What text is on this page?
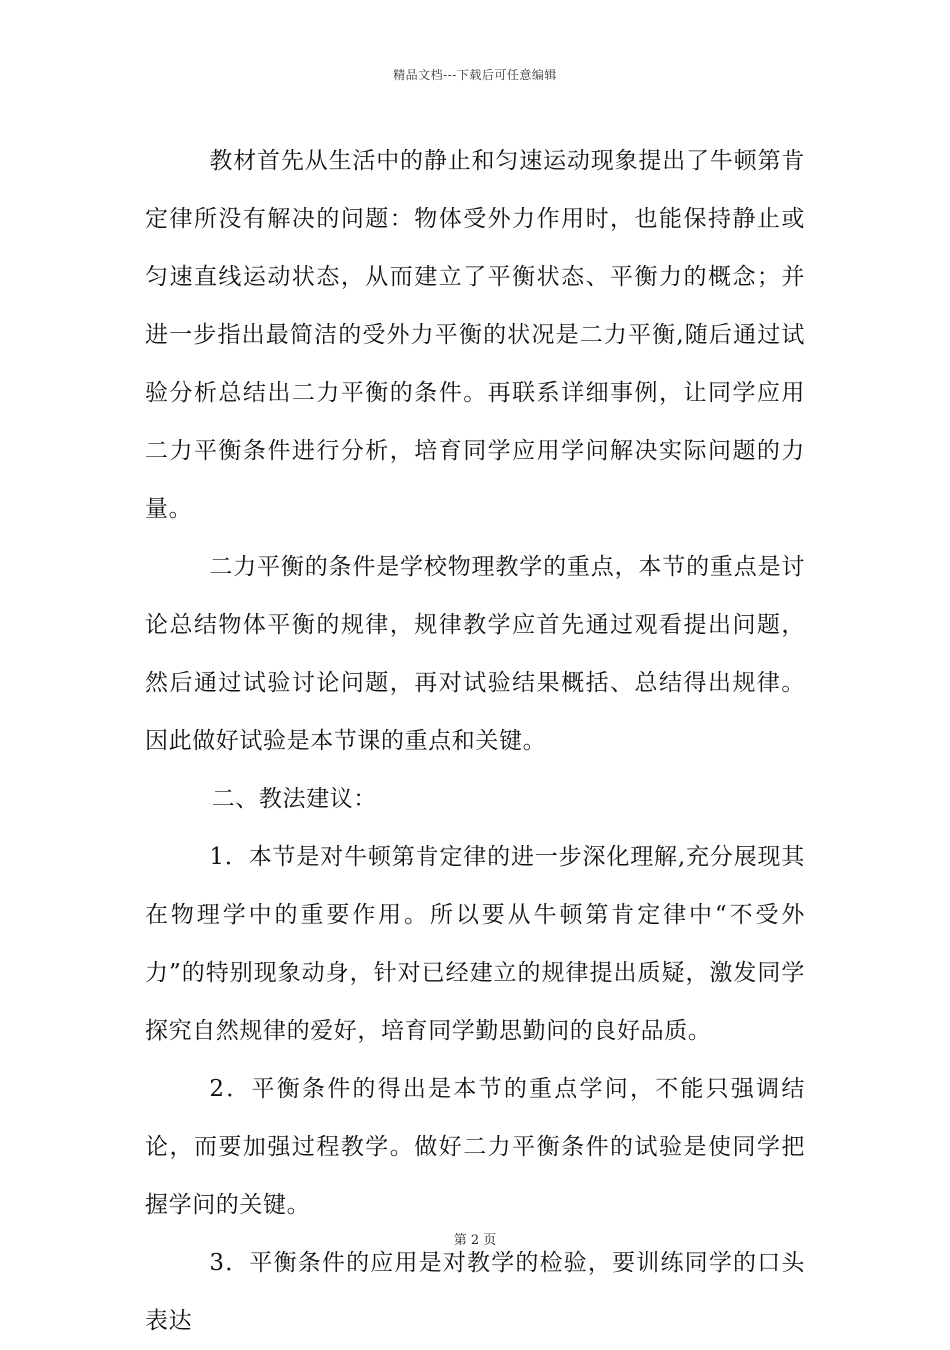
精品文档---下载后可任意编辑

教材首先从生活中的静止和匀速运动现象提出了牛顿第肯定律所没有解决的问题：物体受外力作用时，也能保持静止或匀速直线运动状态，从而建立了平衡状态、平衡力的概念；并进一步指出最简洁的受外力平衡的状况是二力平衡,随后通过试验分析总结出二力平衡的条件。再联系详细事例，让同学应用二力平衡条件进行分析，培育同学应用学问解决实际问题的力量。

二力平衡的条件是学校物理教学的重点，本节的重点是讨论总结物体平衡的规律，规律教学应首先通过观看提出问题，然后通过试验讨论问题，再对试验结果概括、总结得出规律。因此做好试验是本节课的重点和关键。

二、教法建议：

1．本节是对牛顿第肯定律的进一步深化理解,充分展现其在物理学中的重要作用。所以要从牛顿第肯定律中“不受外力”的特别现象动身，针对已经建立的规律提出质疑，激发同学探究自然规律的爱好，培育同学勤思勤问的良好品质。

2．平衡条件的得出是本节的重点学问，不能只强调结论，而要加强过程教学。做好二力平衡条件的试验是使同学把握学问的关键。

3．平衡条件的应用是对教学的检验，要训练同学的口头表达

第 2 页
